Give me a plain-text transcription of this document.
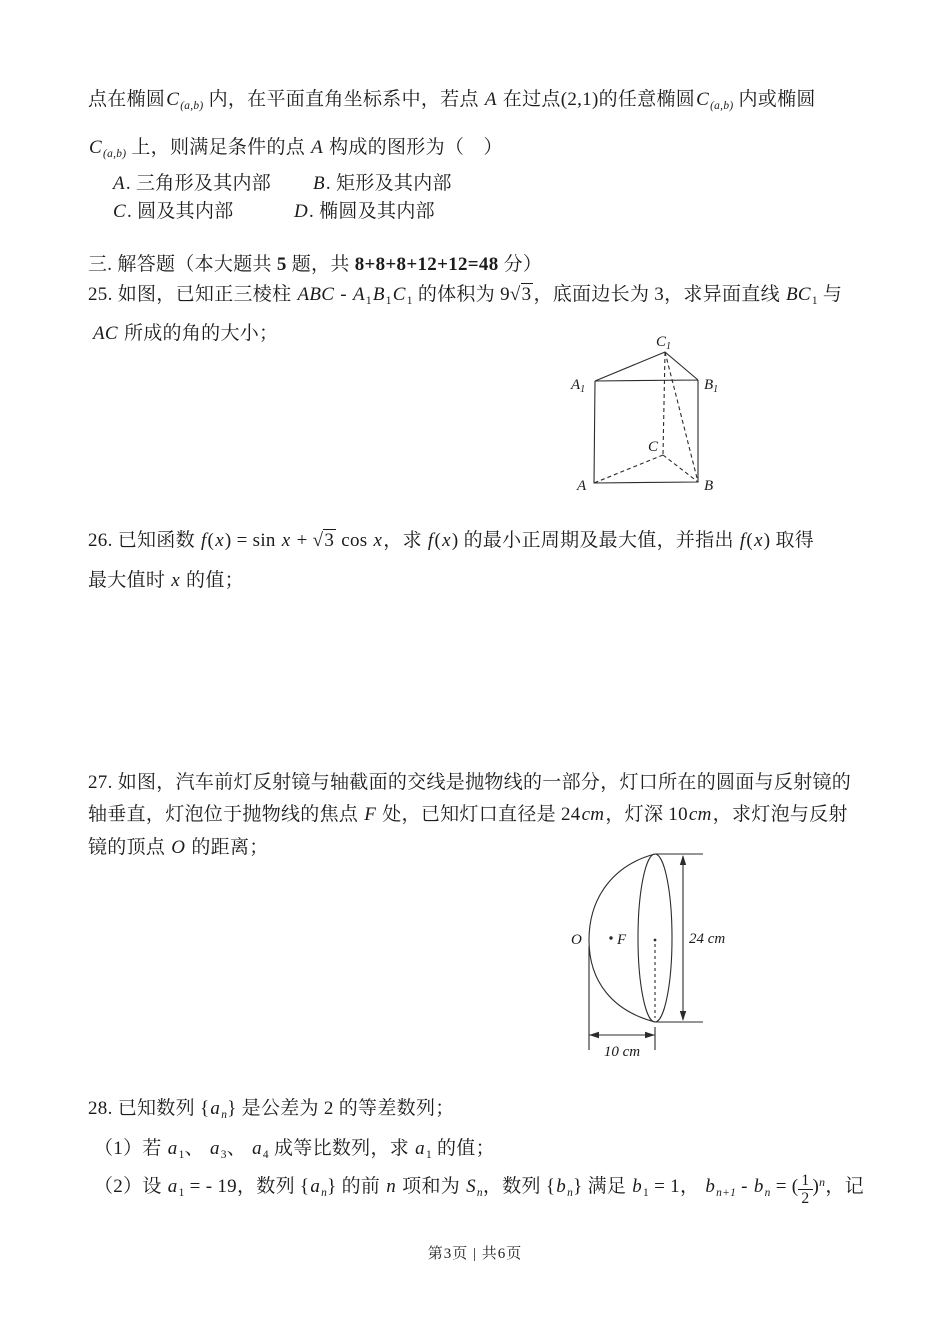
点在椭圆$C_{(a,b)}$ 内，在平面直角坐标系中，若点 A 在过点(2,1)的任意椭圆$C_{(a,b)}$ 内或椭圆
$C_{(a,b)}$ 上，则满足条件的点 A 构成的图形为（　）
A. 三角形及其内部 B. 矩形及其内部
C. 圆及其内部	D. 椭圆及其内部
三. 解答题（本大题共 5 题，共 8+8+8+12+12=48 分）
25. 如图，已知正三棱柱 ABC - $A_1B_1C_1$ 的体积为 9√3 ，底面边长为 3，求异面直线 $BC_1$ 与
AC 所成的角的大小；	$C_1$
$A_1$	$B_1$
C
A	B
26. 已知函数 f(x) = sin x + √3 cos x，求 f(x) 的最小正周期及最大值，并指出 f(x) 取得
最大值时 x 的值；
27. 如图，汽车前灯反射镜与轴截面的交线是抛物线的一部分，灯口所在的圆面与反射镜的
轴垂直，灯泡位于抛物线的焦点 F 处，已知灯口直径是 24cm，灯深 10cm，求灯泡与反射
镜的顶点 O 的距离；
O F	24 cm
10 cm
28. 已知数列 $\{a_n\}$ 是公差为 2 的等差数列；
（1）若 $a_1$、 $a_3$、 $a_4$ 成等比数列，求 $a_1$ 的值；
（2）设 $a_1$ = - 19，数列 $\{a_n\}$ 的前 n 项和为 $S_n$，数列 $\{b_n\}$ 满足 $b_1 = 1$， $b_{n+1} - b_n$ = ( $\frac{1}{2} )^n$，记
第3页 | 共6页
